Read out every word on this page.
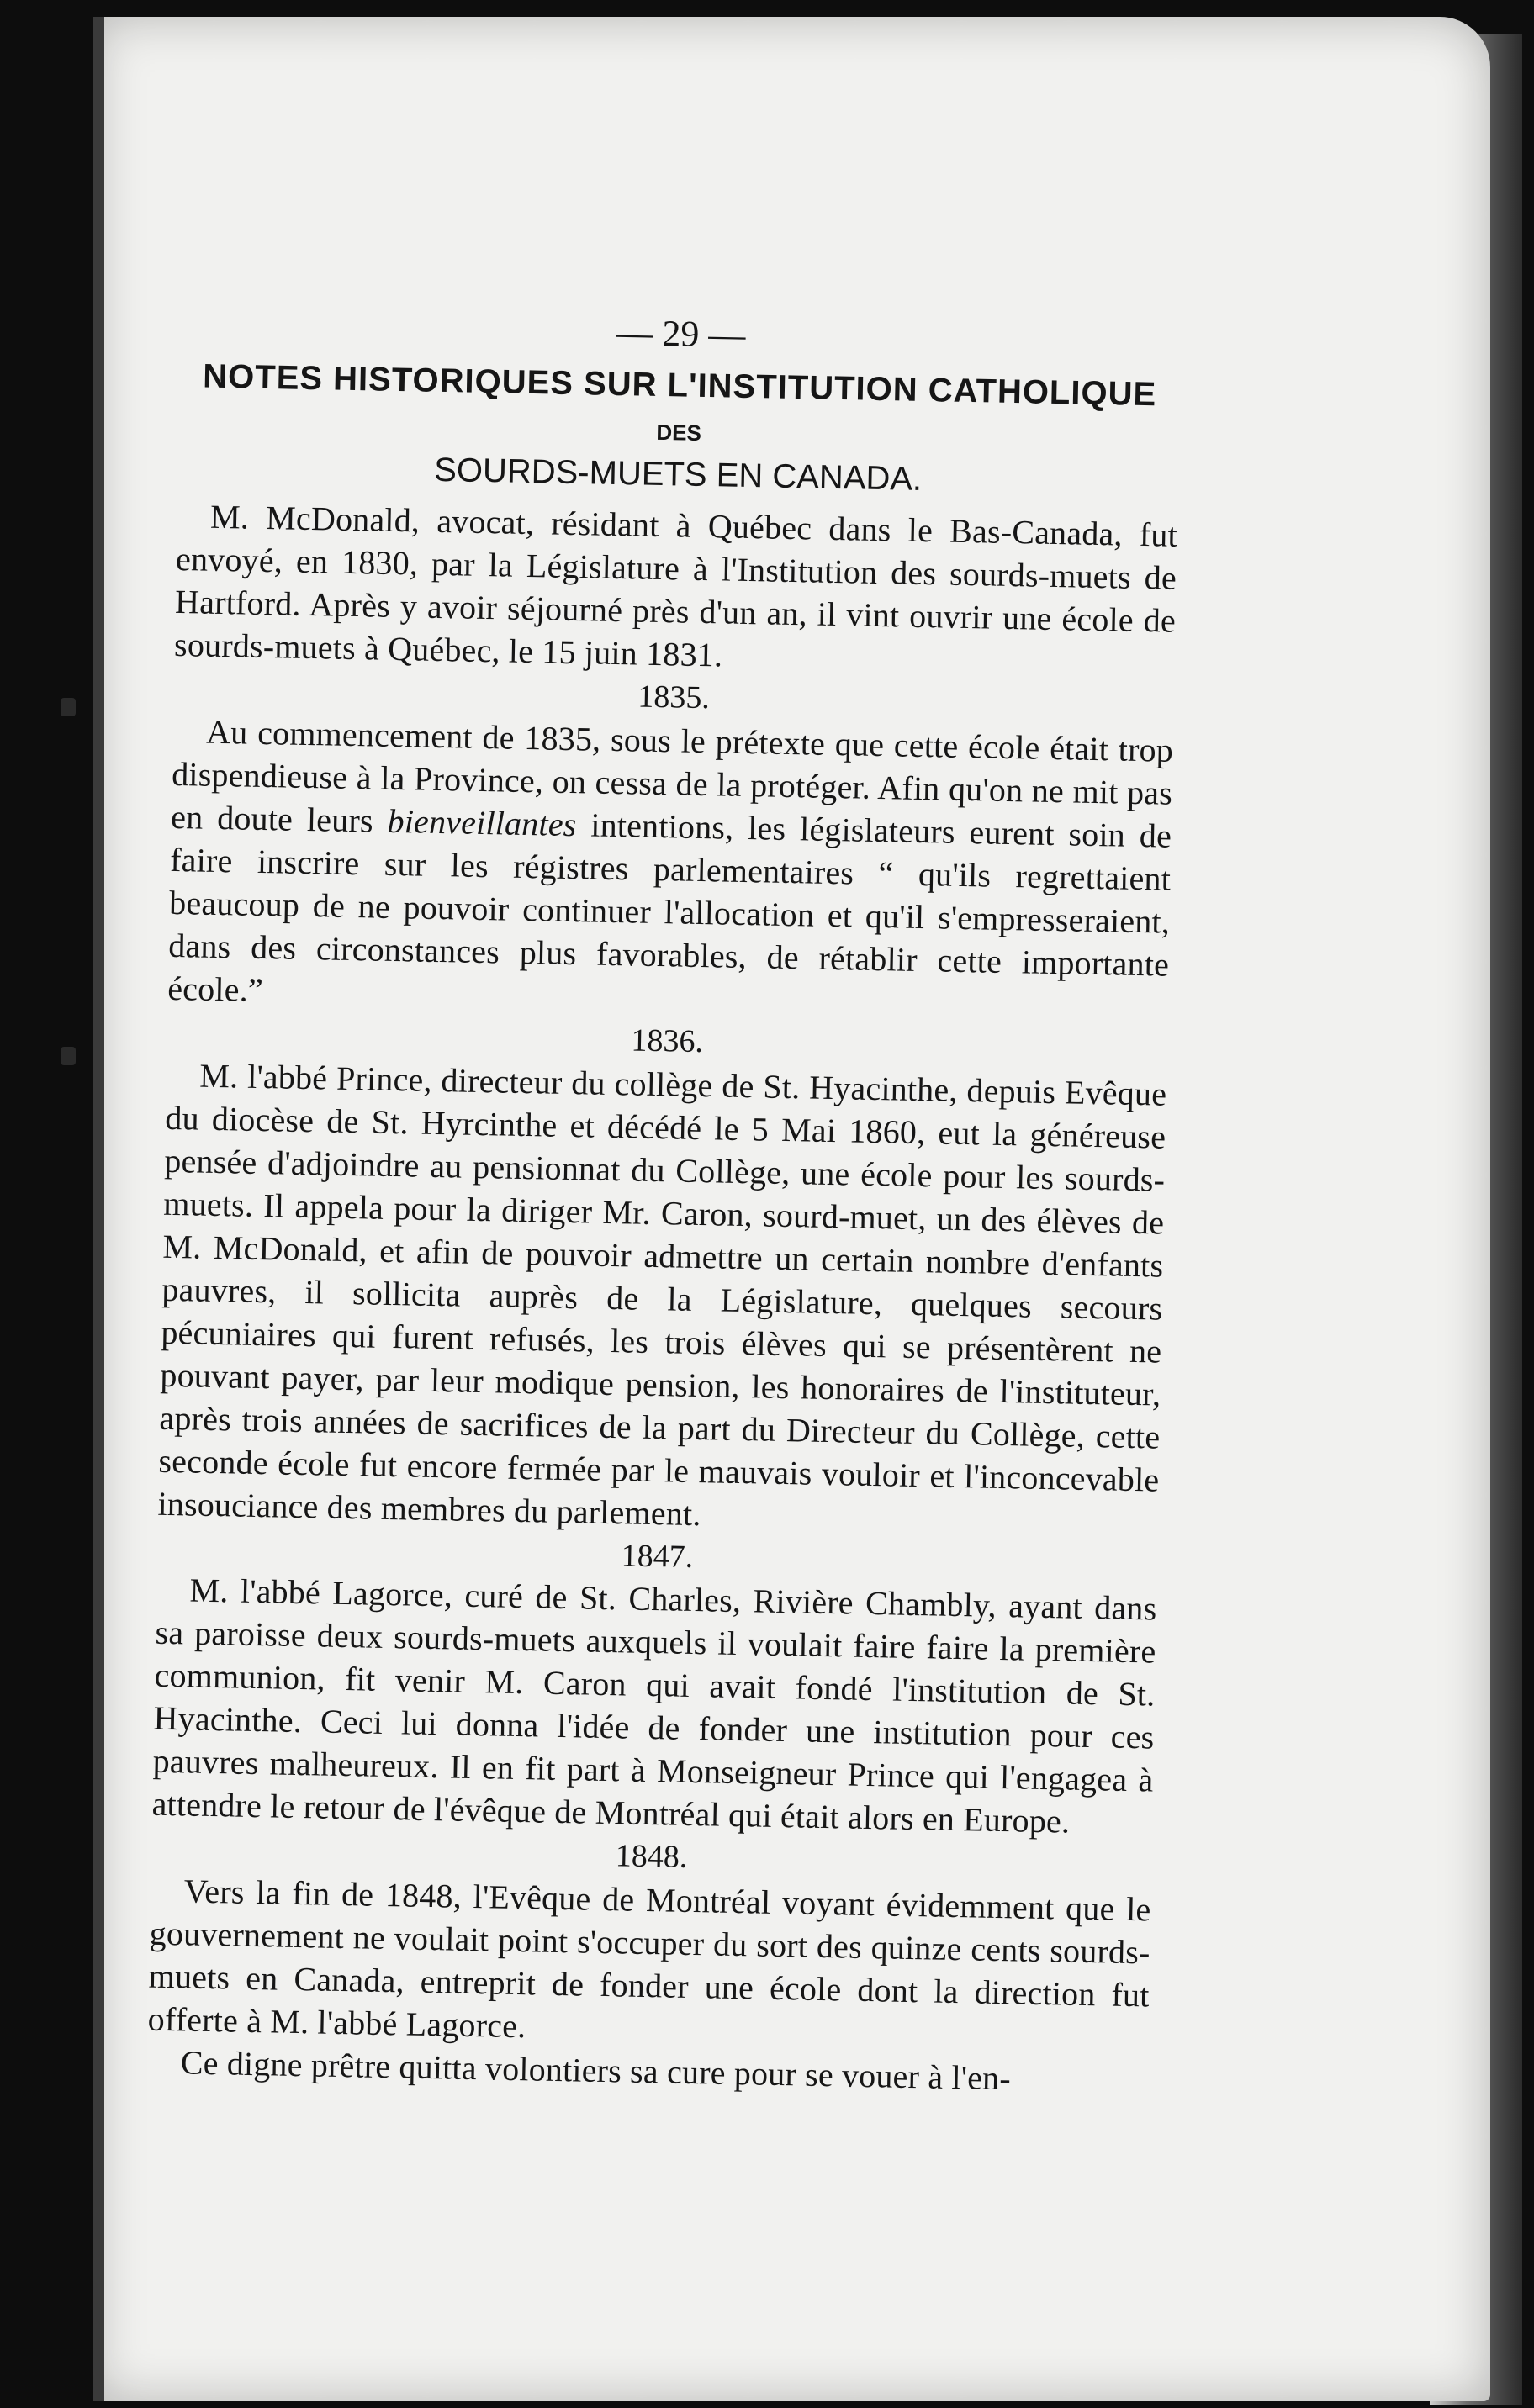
— 29 —
NOTES HISTORIQUES SUR L'INSTITUTION CATHOLIQUE
DES
SOURDS-MUETS EN CANADA.

M. McDonald, avocat, résidant à Québec dans le Bas-Canada, fut envoyé, en 1830, par la Législature à l'Institution des sourds-muets de Hartford. Après y avoir séjourné près d'un an, il vint ouvrir une école de sourds-muets à Québec, le 15 juin 1831.

1835.

Au commencement de 1835, sous le prétexte que cette école était trop dispendieuse à la Province, on cessa de la protéger. Afin qu'on ne mit pas en doute leurs bienveillantes intentions, les législateurs eurent soin de faire inscrire sur les régistres parlementaires “ qu'ils regrettaient beaucoup de ne pouvoir continuer l'allocation et qu'il s'empresseraient, dans des circonstances plus favorables, de rétablir cette importante école.”

1836.

M. l'abbé Prince, directeur du collège de St. Hyacinthe, depuis Evêque du diocèse de St. Hyrcinthe et décédé le 5 Mai 1860, eut la généreuse pensée d'adjoindre au pensionnat du Collège, une école pour les sourds-muets. Il appela pour la diriger Mr. Caron, sourd-muet, un des élèves de M. McDonald, et afin de pouvoir admettre un certain nombre d'enfants pauvres, il sollicita auprès de la Législature, quelques secours pécuniaires qui furent refusés, les trois élèves qui se présentèrent ne pouvant payer, par leur modique pension, les honoraires de l'instituteur, après trois années de sacrifices de la part du Directeur du Collège, cette seconde école fut encore fermée par le mauvais vouloir et l'inconcevable insouciance des membres du parlement.

1847.

M. l'abbé Lagorce, curé de St. Charles, Rivière Chambly, ayant dans sa paroisse deux sourds-muets auxquels il voulait faire faire la première communion, fit venir M. Caron qui avait fondé l'institution de St. Hyacinthe. Ceci lui donna l'idée de fonder une institution pour ces pauvres malheureux. Il en fit part à Monseigneur Prince qui l'engagea à attendre le retour de l'évêque de Montréal qui était alors en Europe.

1848.

Vers la fin de 1848, l'Evêque de Montréal voyant évidemment que le gouvernement ne voulait point s'occuper du sort des quinze cents sourds-muets en Canada, entreprit de fonder une école dont la direction fut offerte à M. l'abbé Lagorce.

Ce digne prêtre quitta volontiers sa cure pour se vouer à l'en-
